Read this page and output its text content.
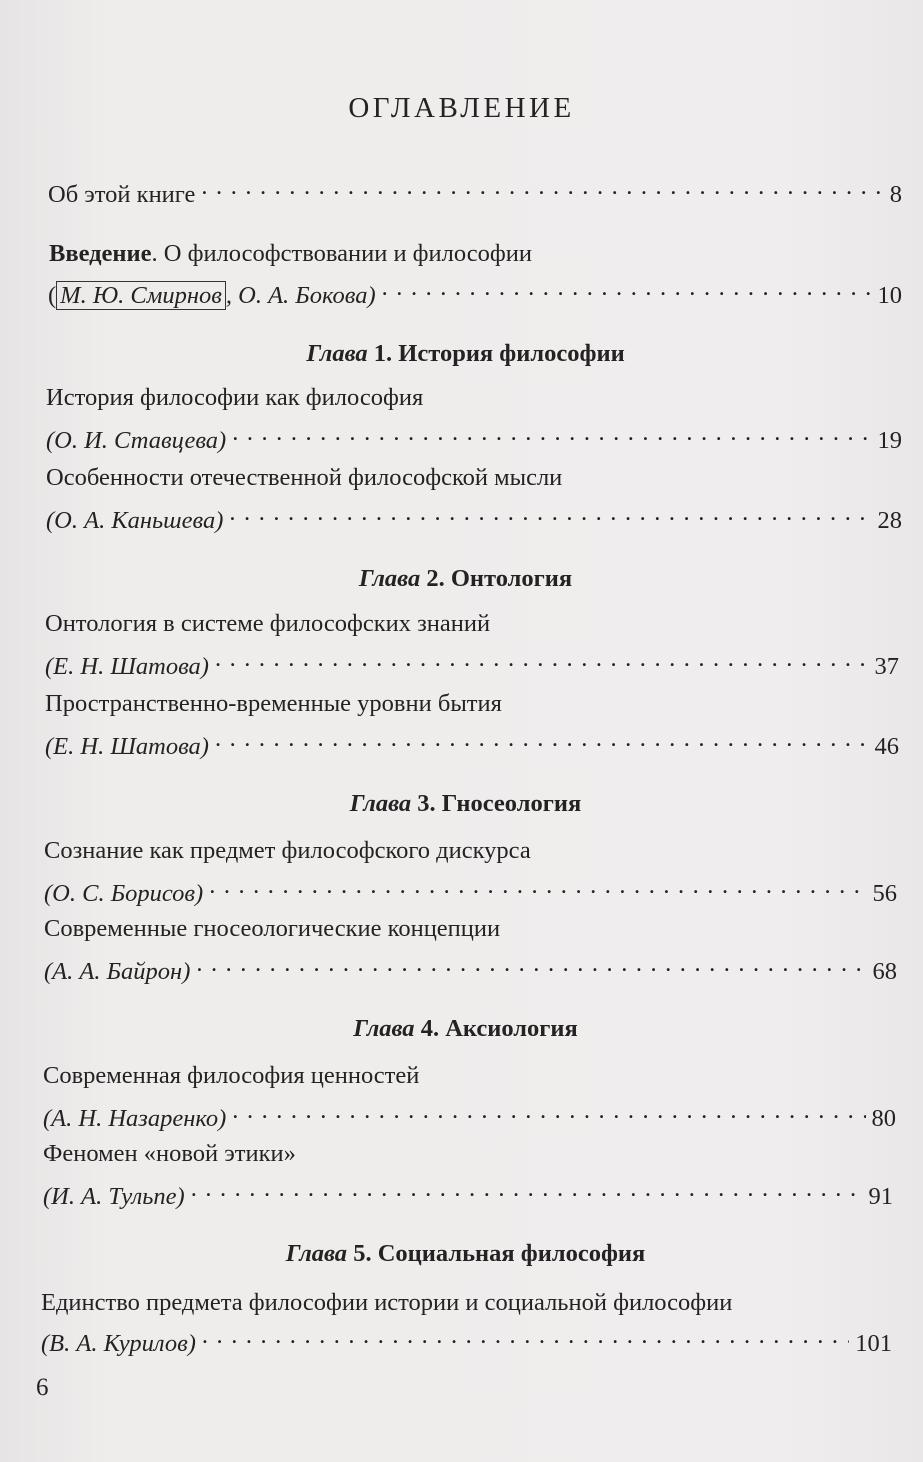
ОГЛАВЛЕНИЕ
Об этой книге . . .	8
Введение. О философствовании и философии
( М. Ю. Смирнов , О. А. Бокова) . . .	10
Глава 1. История философии
История философии как философия
(О. И. Ставцева) . . .	19
Особенности отечественной философской мысли
(О. А. Каньшева) . . .	28
Глава 2. Онтология
Онтология в системе философских знаний
(Е. Н. Шатова) . . .	37
Пространственно-временные уровни бытия
(Е. Н. Шатова) . . .	46
Глава 3. Гносеология
Сознание как предмет философского дискурса
(О. С. Борисов) . . .	56
Современные гносеологические концепции
(А. А. Байрон) . . .	68
Глава 4. Аксиология
Современная философия ценностей
(А. Н. Назаренко) . . .	80
Феномен «новой этики»
(И. А. Тульпе) . . .	91
Глава 5. Социальная философия
Единство предмета философии истории и социальной философии
(В. А. Курилов) . . .	101
6
